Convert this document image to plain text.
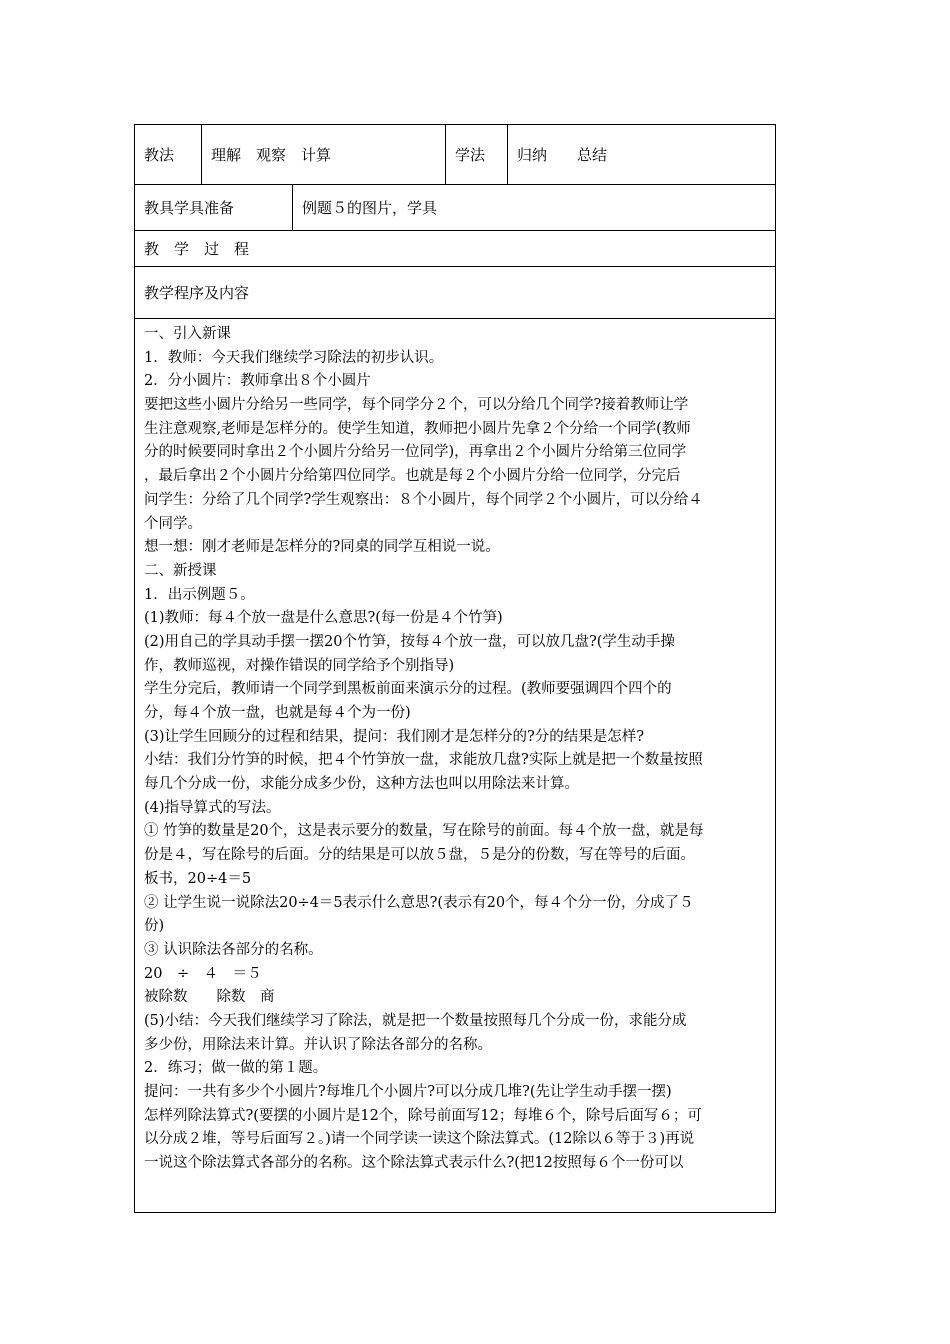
教法 理解　观察　计算	学法 归纳　　总结
教具学具准备	例题５的图片，学具
教　学　过　程
教学程序及内容
一、引入新课
1．教师：今天我们继续学习除法的初步认识。
2．分小圆片：教师拿出８个小圆片
要把这些小圆片分给另一些同学，每个同学分２个，可以分给几个同学?接着教师让学
生注意观察,老师是怎样分的。使学生知道，教师把小圆片先拿２个分给一个同学(教师
分的时候要同时拿出２个小圆片分给另一位同学)，再拿出２个小圆片分给第三位同学
，最后拿出２个小圆片分给第四位同学。也就是每２个小圆片分给一位同学，分完后
问学生：分给了几个同学?学生观察出：８个小圆片，每个同学２个小圆片，可以分给４
个同学。
想一想：刚才老师是怎样分的?同桌的同学互相说一说。
二、新授课
1．出示例题５。
(1)教师：每４个放一盘是什么意思?(每一份是４个竹笋)
(2)用自己的学具动手摆一摆20个竹笋，按每４个放一盘，可以放几盘?(学生动手操
作，教师巡视，对操作错误的同学给予个别指导)
学生分完后，教师请一个同学到黑板前面来演示分的过程。(教师要强调四个四个的
分，每４个放一盘，也就是每４个为一份)
(3)让学生回顾分的过程和结果，提问：我们刚才是怎样分的?分的结果是怎样?
小结：我们分竹笋的时候，把４个竹笋放一盘，求能放几盘?实际上就是把一个数量按照
每几个分成一份，求能分成多少份，这种方法也叫以用除法来计算。
(4)指导算式的写法。
① 竹笋的数量是20个，这是表示要分的数量，写在除号的前面。每４个放一盘，就是每
份是４，写在除号的后面。分的结果是可以放５盘，５是分的份数，写在等号的后面。
板书，20÷4＝5
② 让学生说一说除法20÷4＝5表示什么意思?(表示有20个，每４个分一份，分成了５
份)
③ 认识除法各部分的名称。
20　÷　４　＝５
被除数　　除数　商
(5)小结：今天我们继续学习了除法，就是把一个数量按照每几个分成一份，求能分成
多少份，用除法来计算。并认识了除法各部分的名称。
2．练习；做一做的第１题。
提问：一共有多少个小圆片?每堆几个小圆片?可以分成几堆?(先让学生动手摆一摆)
怎样列除法算式?(要摆的小圆片是12个，除号前面写12；每堆６个，除号后面写６；可
以分成２堆，等号后面写２。)请一个同学读一读这个除法算式。(12除以６等于３)再说
一说这个除法算式各部分的名称。这个除法算式表示什么?(把12按照每６个一份可以
